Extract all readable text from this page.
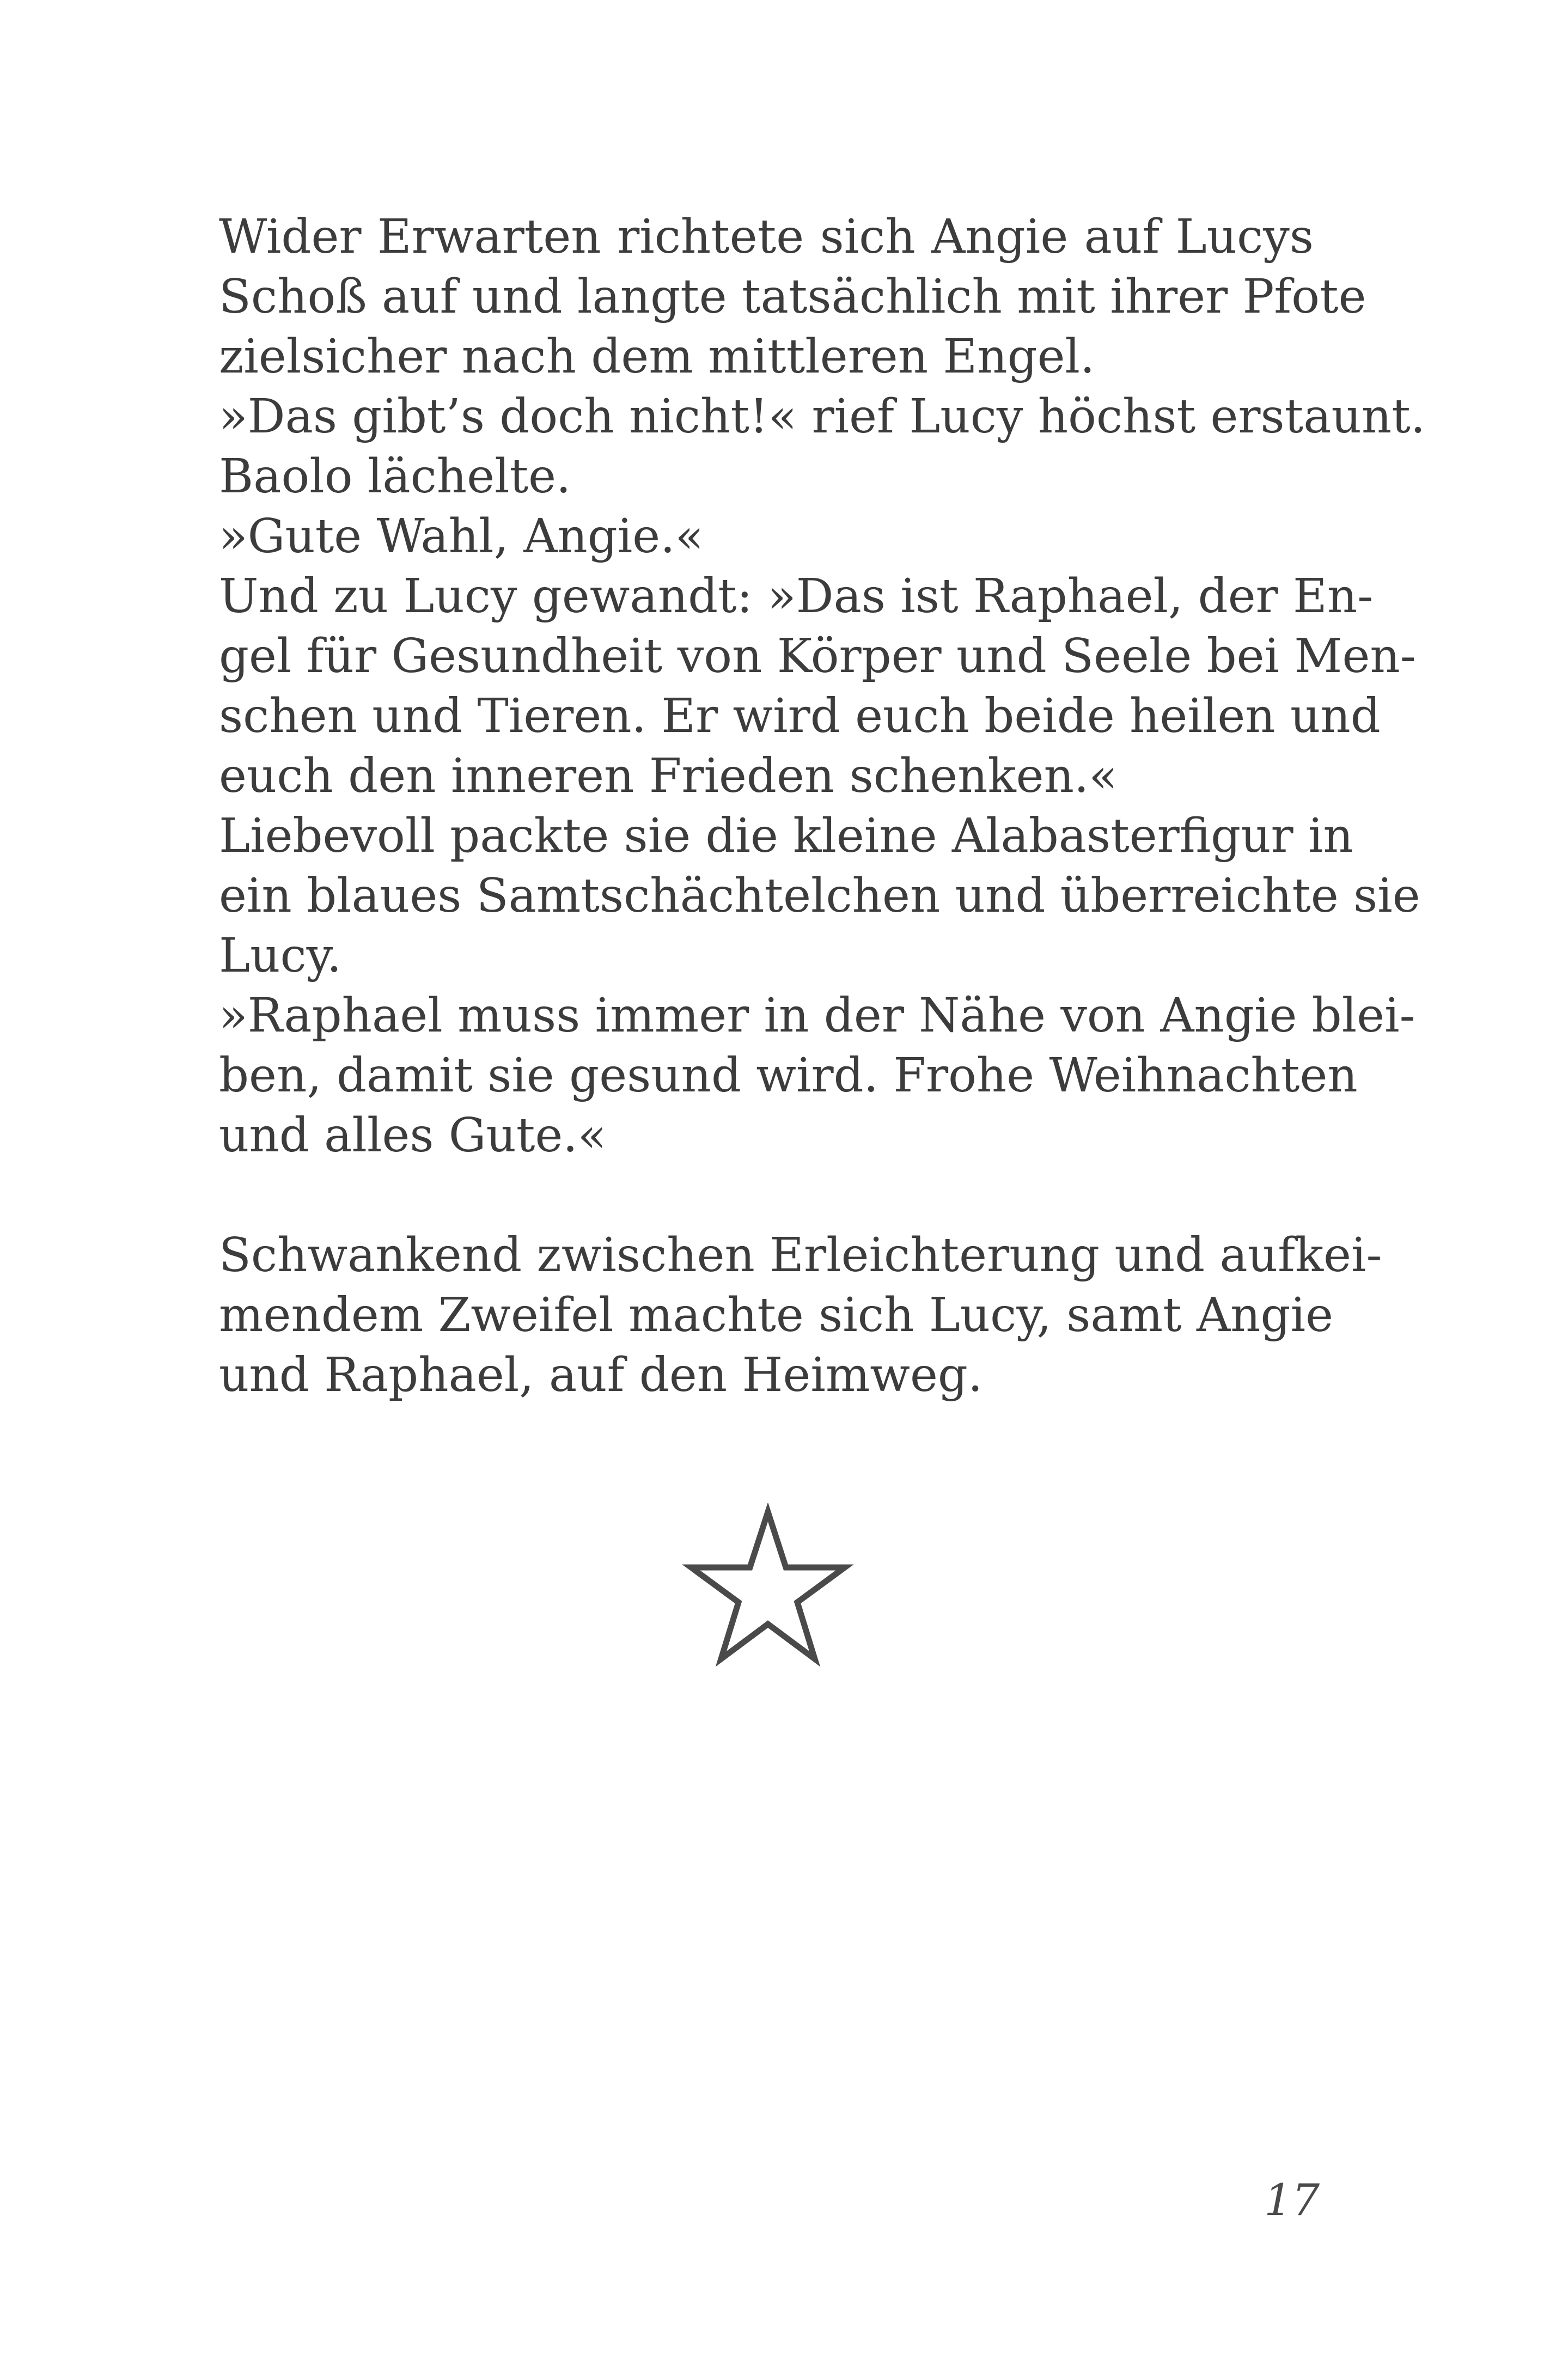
Wider Erwarten richtete sich Angie auf Lucys
Schoß auf und langte tatsächlich mit ihrer Pfote
zielsicher nach dem mittleren Engel.
»Das gibt’s doch nicht!« rief Lucy höchst erstaunt.
Baolo lächelte.
»Gute Wahl, Angie.«
Und zu Lucy gewandt: »Das ist Raphael, der En-
gel für Gesundheit von Körper und Seele bei Men-
schen und Tieren. Er wird euch beide heilen und
euch den inneren Frieden schenken.«
Liebevoll packte sie die kleine Alabasterfigur in
ein blaues Samtschächtelchen und überreichte sie
Lucy.
»Raphael muss immer in der Nähe von Angie blei-
ben, damit sie gesund wird. Frohe Weihnachten
und alles Gute.«
Schwankend zwischen Erleichterung und aufkei-
mendem Zweifel machte sich Lucy, samt Angie
und Raphael, auf den Heimweg.
17
